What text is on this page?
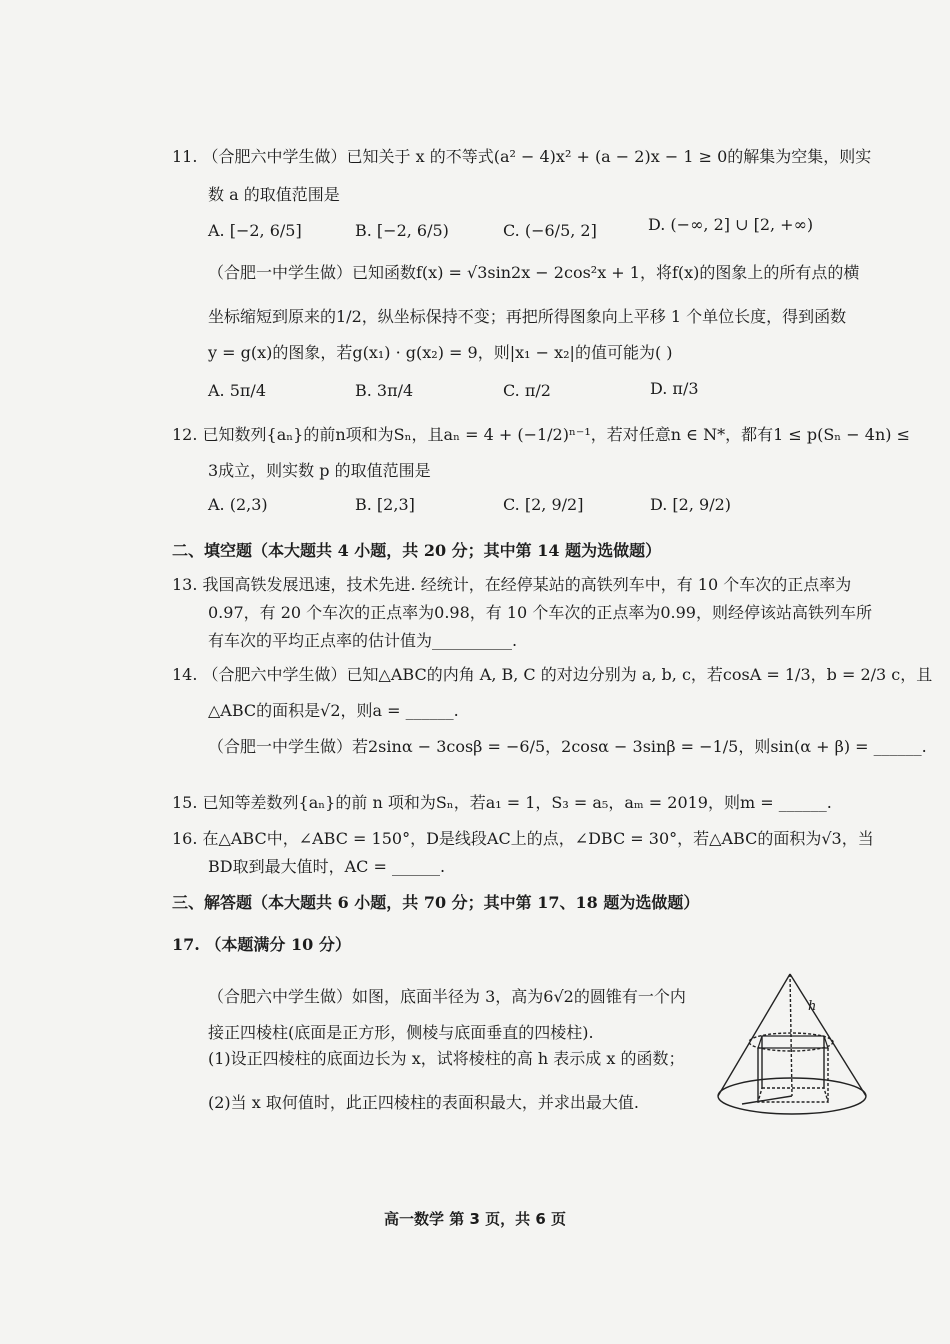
11. （合肥六中学生做）已知关于 x 的不等式(a² − 4)x² + (a − 2)x − 1 ≥ 0的解集为空集，则实
数 a 的取值范围是
A. [−2, 6/5]	B. [−2, 6/5)	C. (−6/5, 2]	D. (−∞, 2] ∪ [2, +∞)
（合肥一中学生做）已知函数f(x) = √3sin2x − 2cos²x + 1，将f(x)的图象上的所有点的横
坐标缩短到原来的1/2，纵坐标保持不变；再把所得图象向上平移 1 个单位长度，得到函数
y = g(x)的图象，若g(x₁) · g(x₂) = 9，则|x₁ − x₂|的值可能为( )
A. 5π/4	B. 3π/4	C. π/2	D. π/3
12. 已知数列{aₙ}的前n项和为Sₙ，且aₙ = 4 + (−1/2)ⁿ⁻¹，若对任意n ∈ N*，都有1 ≤ p(Sₙ − 4n) ≤
3成立，则实数 p 的取值范围是
A. (2,3)	B. [2,3]	C. [2, 9/2]	D. [2, 9/2)
二、填空题（本大题共 4 小题，共 20 分；其中第 14 题为选做题）
13. 我国高铁发展迅速，技术先进. 经统计，在经停某站的高铁列车中，有 10 个车次的正点率为
0.97，有 20 个车次的正点率为0.98，有 10 个车次的正点率为0.99，则经停该站高铁列车所
有车次的平均正点率的估计值为__________.
14. （合肥六中学生做）已知△ABC的内角 A, B, C 的对边分别为 a, b, c，若cosA = 1/3，b = 2/3 c，且
△ABC的面积是√2，则a = ______.
（合肥一中学生做）若2sinα − 3cosβ = −6/5，2cosα − 3sinβ = −1/5，则sin(α + β) = ______.
15. 已知等差数列{aₙ}的前 n 项和为Sₙ，若a₁ = 1，S₃ = a₅，aₘ = 2019，则m = ______.
16. 在△ABC中，∠ABC = 150°，D是线段AC上的点，∠DBC = 30°，若△ABC的面积为√3，当
BD取到最大值时，AC = ______.
三、解答题（本大题共 6 小题，共 70 分；其中第 17、18 题为选做题）
17. （本题满分 10 分）
（合肥六中学生做）如图，底面半径为 3，高为6√2的圆锥有一个内
接正四棱柱(底面是正方形，侧棱与底面垂直的四棱柱).
(1)设正四棱柱的底面边长为 x，试将棱柱的高 h 表示成 x 的函数；
(2)当 x 取何值时，此正四棱柱的表面积最大，并求出最大值.
h
高一数学 第 3 页，共 6 页
